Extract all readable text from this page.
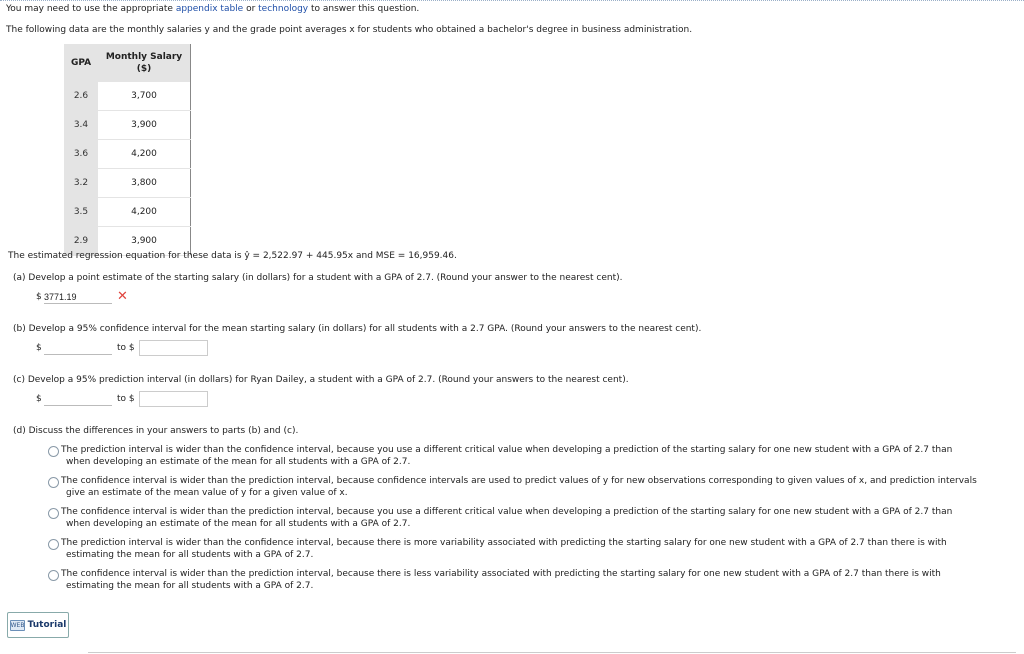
You may need to use the appropriate appendix table or technology to answer this question.
The following data are the monthly salaries y and the grade point averages x for students who obtained a bachelor's degree in business administration.
GPA	Monthly Salary
($)
2.6	3,700
3.4	3,900
3.6	4,200
3.2	3,800
3.5	4,200
2.9	3,900
The estimated regression equation for these data is ŷ = 2,522.97 + 445.95x and MSE = 16,959.46.
(a) Develop a point estimate of the starting salary (in dollars) for a student with a GPA of 2.7. (Round your answer to the nearest cent).
$
3771.19	✕
(b) Develop a 95% confidence interval for the mean starting salary (in dollars) for all students with a 2.7 GPA. (Round your answers to the nearest cent).
$	to $
(c) Develop a 95% prediction interval (in dollars) for Ryan Dailey, a student with a GPA of 2.7. (Round your answers to the nearest cent).
$	to $
(d) Discuss the differences in your answers to parts (b) and (c).
The prediction interval is wider than the confidence interval, because you use a different critical value when developing a prediction of the starting salary for one new student with a GPA of 2.7 than
when developing an estimate of the mean for all students with a GPA of 2.7.
The confidence interval is wider than the prediction interval, because confidence intervals are used to predict values of y for new observations corresponding to given values of x, and prediction intervals
give an estimate of the mean value of y for a given value of x.
The confidence interval is wider than the prediction interval, because you use a different critical value when developing a prediction of the starting salary for one new student with a GPA of 2.7 than
when developing an estimate of the mean for all students with a GPA of 2.7.
The prediction interval is wider than the confidence interval, because there is more variability associated with predicting the starting salary for one new student with a GPA of 2.7 than there is with
estimating the mean for all students with a GPA of 2.7.
The confidence interval is wider than the prediction interval, because there is less variability associated with predicting the starting salary for one new student with a GPA of 2.7 than there is with
estimating the mean for all students with a GPA of 2.7.
WEB Tutorial
